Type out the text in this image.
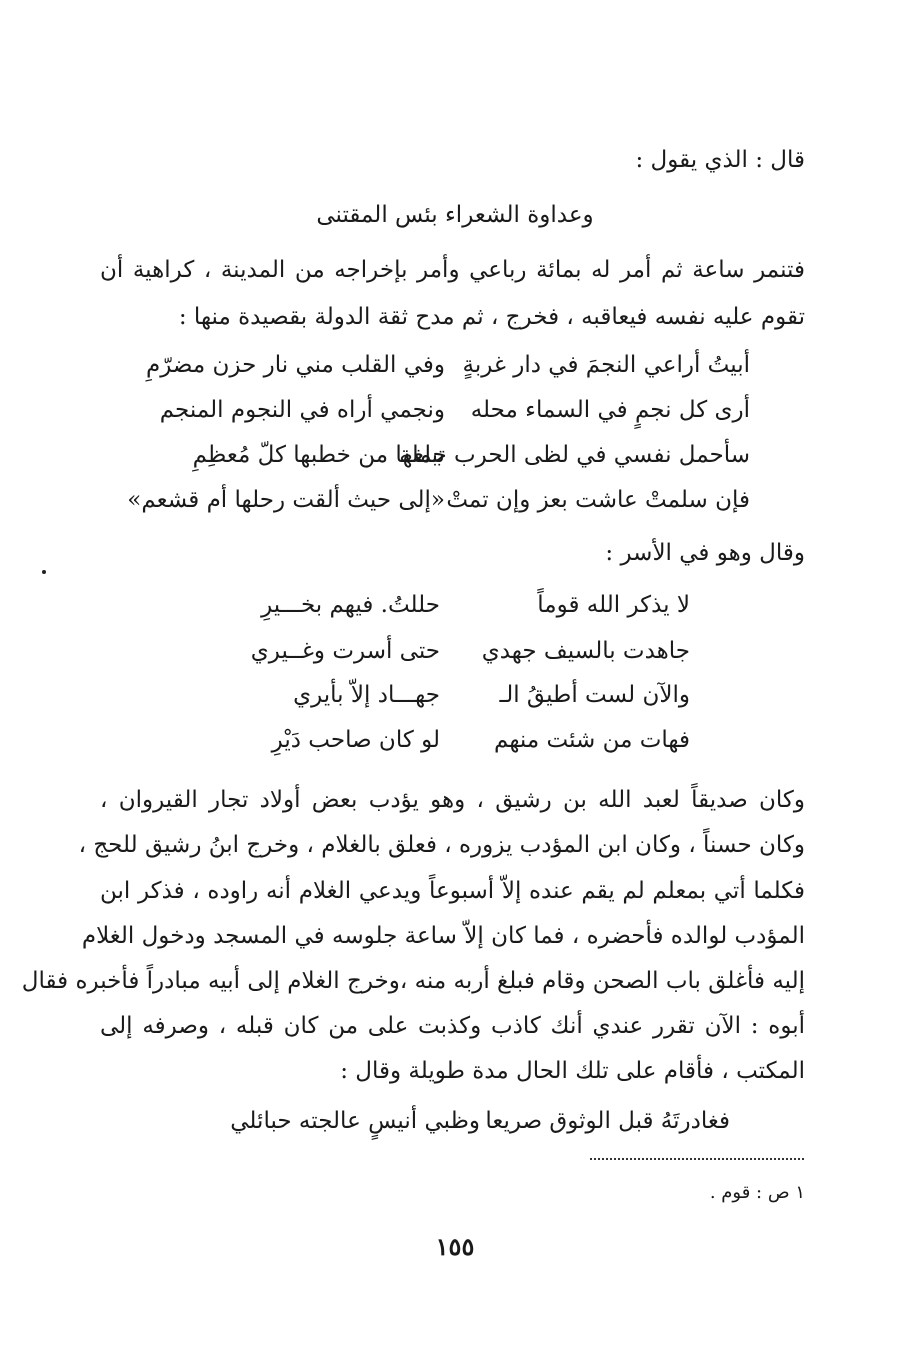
قال : الذي يقول :
وعداوة الشعراء بئس المقتنى
فتنمر ساعة ثم أمر له بمائة رباعي وأمر بإخراجه من المدينة ، كراهية أن
تقوم عليه نفسه فيعاقبه ، فخرج ، ثم مدح ثقة الدولة بقصيدة منها :
أبيتُ أراعي النجمَ في دار غربةٍ
وفي القلب مني نار حزن مضرّمِ
أرى كل نجمٍ في السماء محله
ونجمي أراه في النجوم المنجم
سأحمل نفسي في لظى الحرب جملة
تبلغها من خطبها كلّ مُعظِمِ
فإن سلمتْ عاشت بعز وإن تمتْ
«إلى حيث ألقت رحلها أم قشعم»
وقال وهو في الأسر :
لا يذكر الله قوماً
حللتُ. فيهم بخـــيرِ
جاهدت بالسيف جهدي
حتى أسرت وغــيري
والآن لست أطيقُ الـ
جهـــاد إلاّ بأيري
فهات من شئت منهم
لو كان صاحب دَيْرِ
وكان صديقاً لعبد الله بن رشيق ، وهو يؤدب بعض أولاد تجار القيروان ،
وكان حسناً ، وكان ابن المؤدب يزوره ، فعلق بالغلام ، وخرج ابنُ رشيق للحج ،
فكلما أتي بمعلم لم يقم عنده إلاّ أسبوعاً ويدعي الغلام أنه راوده ، فذكر ابن
المؤدب لوالده فأحضره ، فما كان إلاّ ساعة جلوسه في المسجد ودخول الغلام
إليه فأغلق باب الصحن وقام فبلغ أربه منه ،وخرج الغلام إلى أبيه مبادراً فأخبره فقال
أبوه : الآن تقرر عندي أنك كاذب وكذبت على من كان قبله ، وصرفه إلى
المكتب ، فأقام على تلك الحال مدة طويلة وقال :
وظبي أنيسٍ عالجته حبائلي فغادرتَهُ قبل الوثوق صريعا
١ ص : قوم .
١٥٥
